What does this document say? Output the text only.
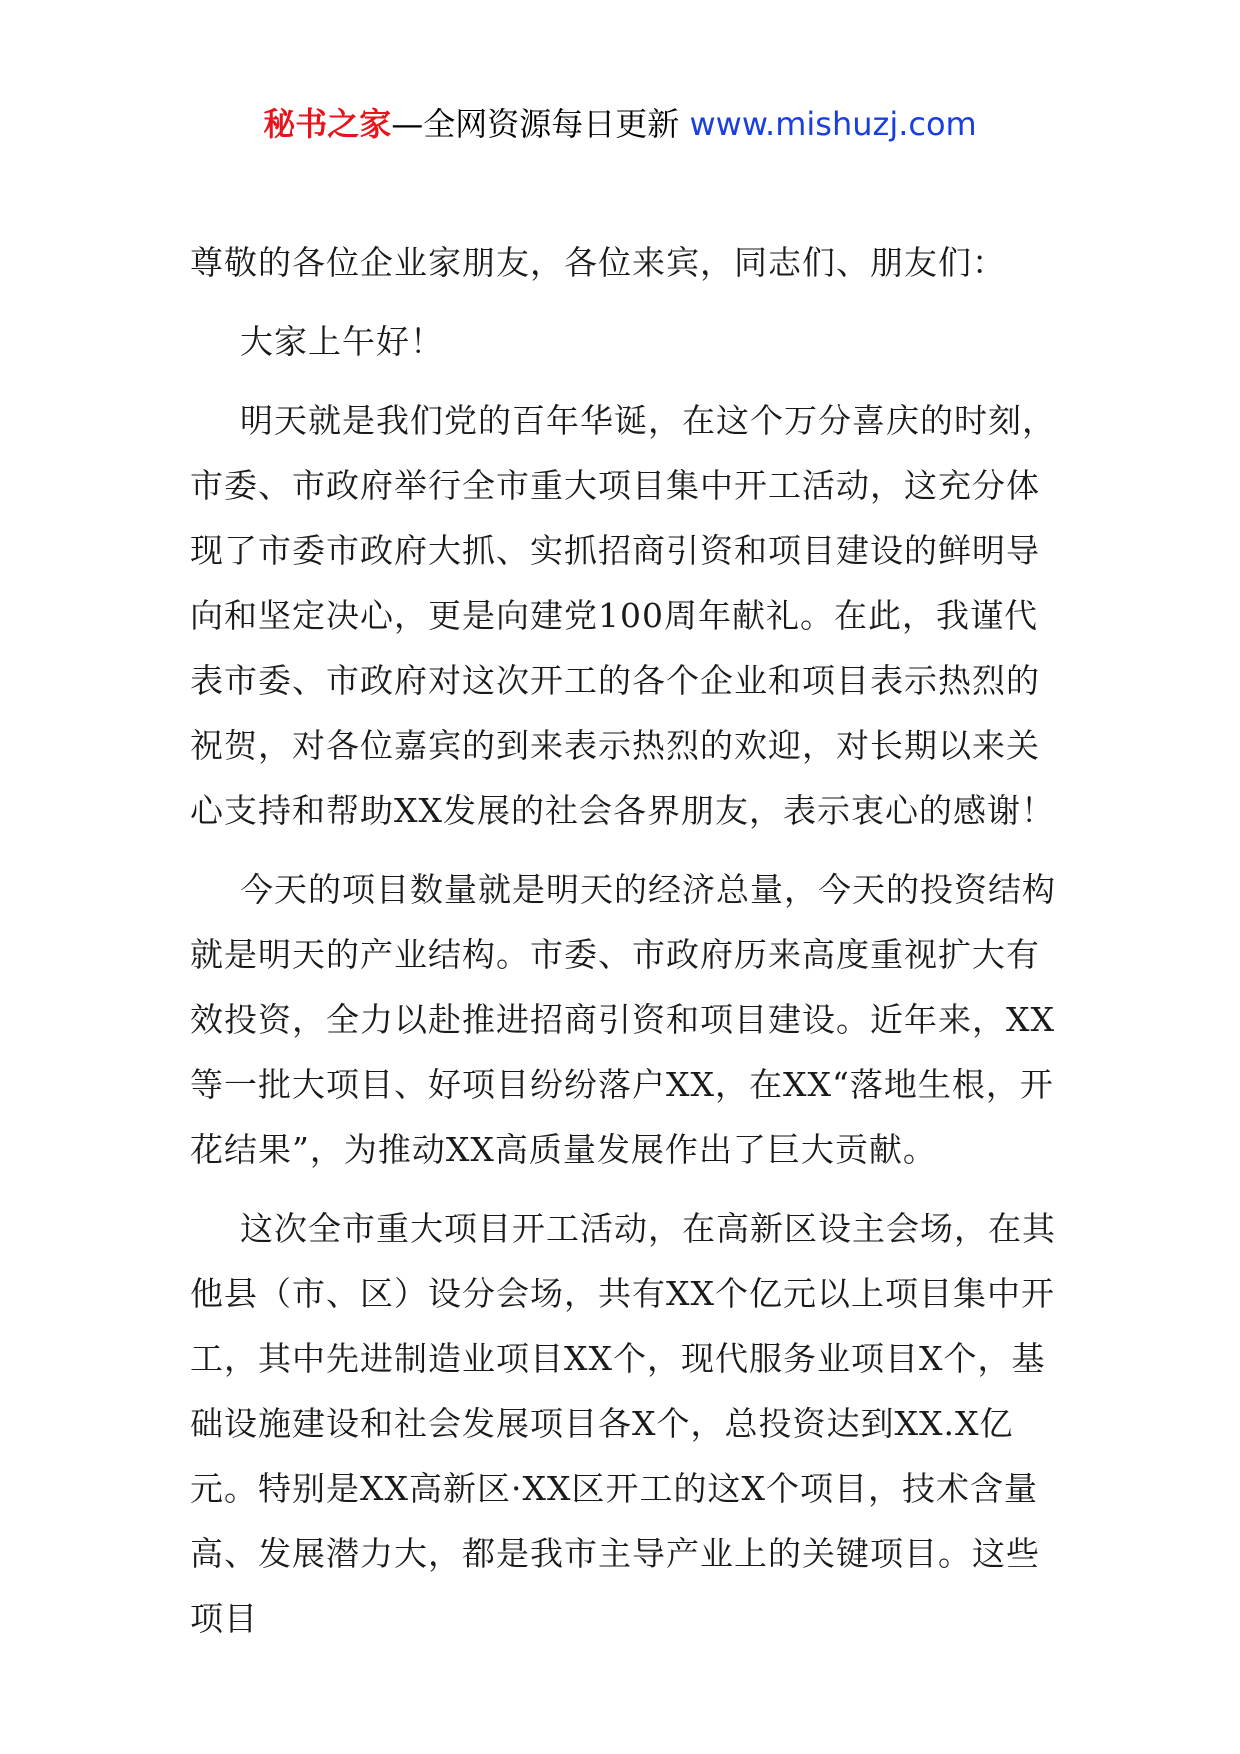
秘书之家—全网资源每日更新 www.mishuzj.com

尊敬的各位企业家朋友，各位来宾，同志们、朋友们：

大家上午好！

明天就是我们党的百年华诞，在这个万分喜庆的时刻，市委、市政府举行全市重大项目集中开工活动，这充分体现了市委市政府大抓、实抓招商引资和项目建设的鲜明导向和坚定决心，更是向建党100周年献礼。在此，我谨代表市委、市政府对这次开工的各个企业和项目表示热烈的祝贺，对各位嘉宾的到来表示热烈的欢迎，对长期以来关心支持和帮助XX发展的社会各界朋友，表示衷心的感谢！

今天的项目数量就是明天的经济总量，今天的投资结构就是明天的产业结构。市委、市政府历来高度重视扩大有效投资，全力以赴推进招商引资和项目建设。近年来，XX等一批大项目、好项目纷纷落户XX，在XX“落地生根，开花结果”，为推动XX高质量发展作出了巨大贡献。

这次全市重大项目开工活动，在高新区设主会场，在其他县（市、区）设分会场，共有XX个亿元以上项目集中开工，其中先进制造业项目XX个，现代服务业项目X个，基础设施建设和社会发展项目各X个，总投资达到XX.X亿元。特别是XX高新区·XX区开工的这X个项目，技术含量高、发展潜力大，都是我市主导产业上的关键项目。这些项目
